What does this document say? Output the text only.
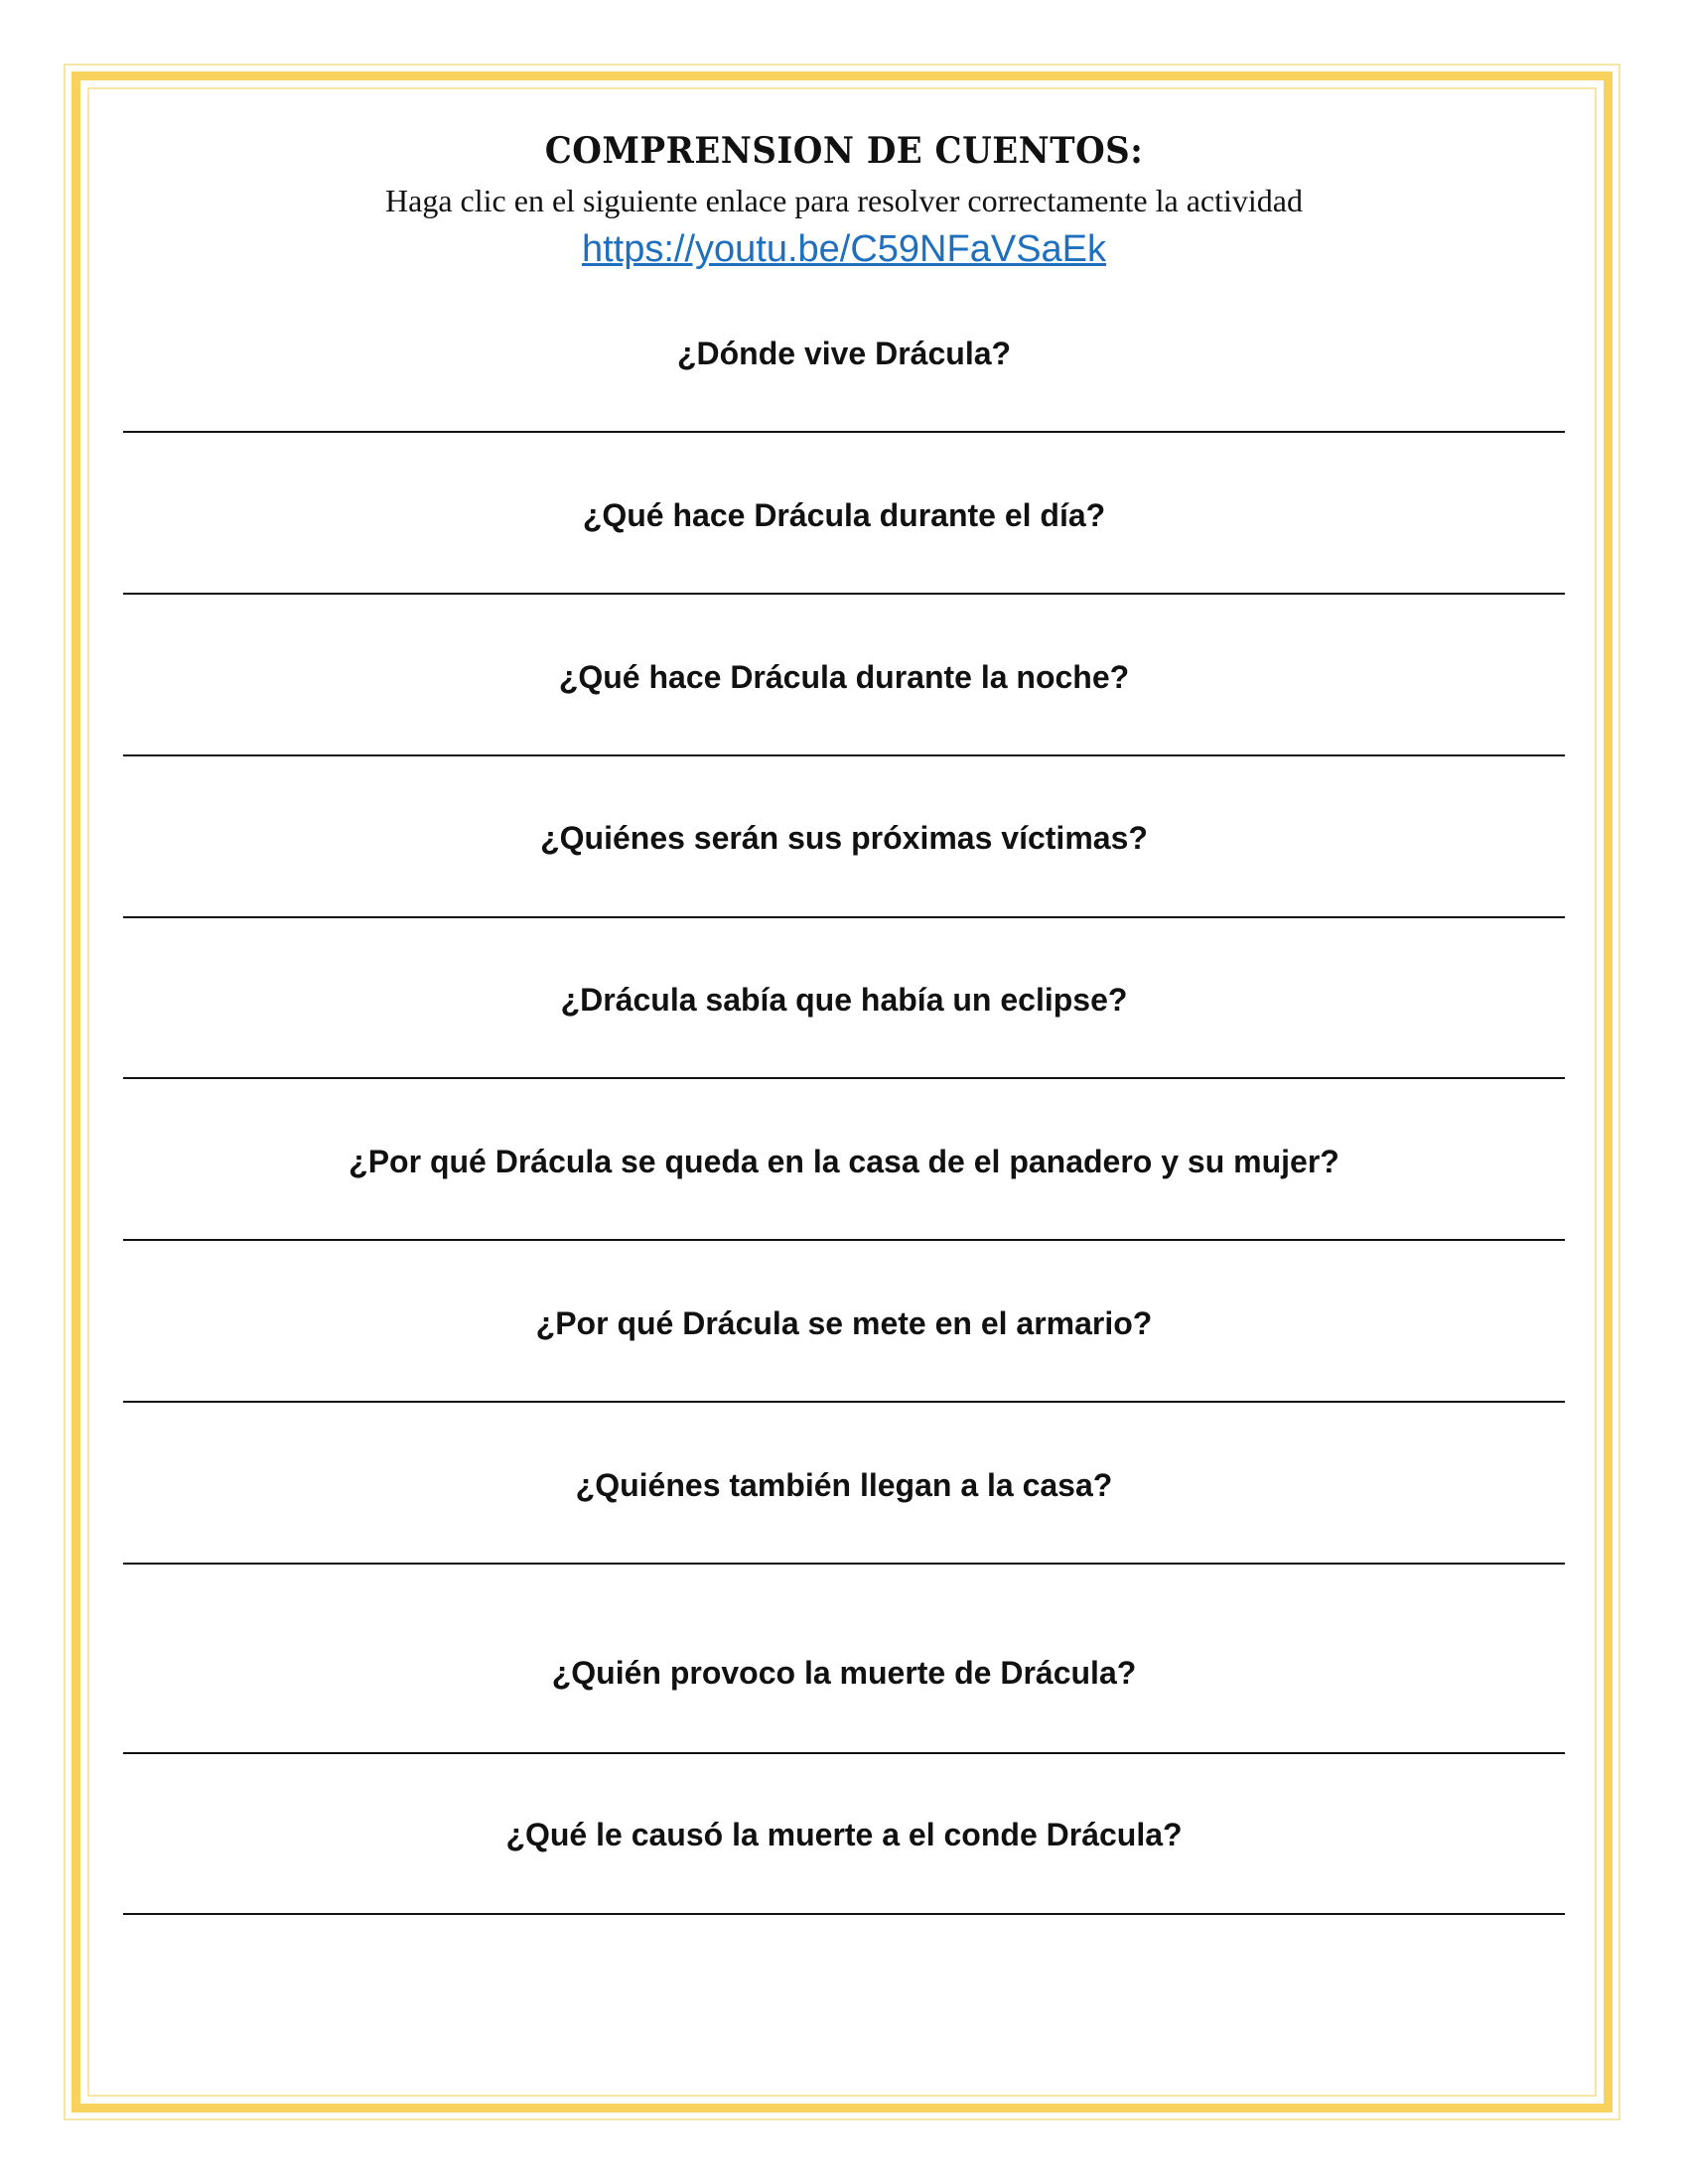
COMPRENSION DE CUENTOS:
Haga clic en el siguiente enlace para resolver correctamente la actividad
https://youtu.be/C59NFaVSaEk
¿Dónde vive Drácula?
¿Qué hace Drácula durante el día?
¿Qué hace Drácula durante la noche?
¿Quiénes serán sus próximas víctimas?
¿Drácula sabía que había un eclipse?
¿Por qué Drácula se queda en la casa de el panadero y su mujer?
¿Por qué Drácula se mete en el armario?
¿Quiénes también llegan a la casa?
¿Quién provoco la muerte de Drácula?
¿Qué le causó la muerte a el conde Drácula?
